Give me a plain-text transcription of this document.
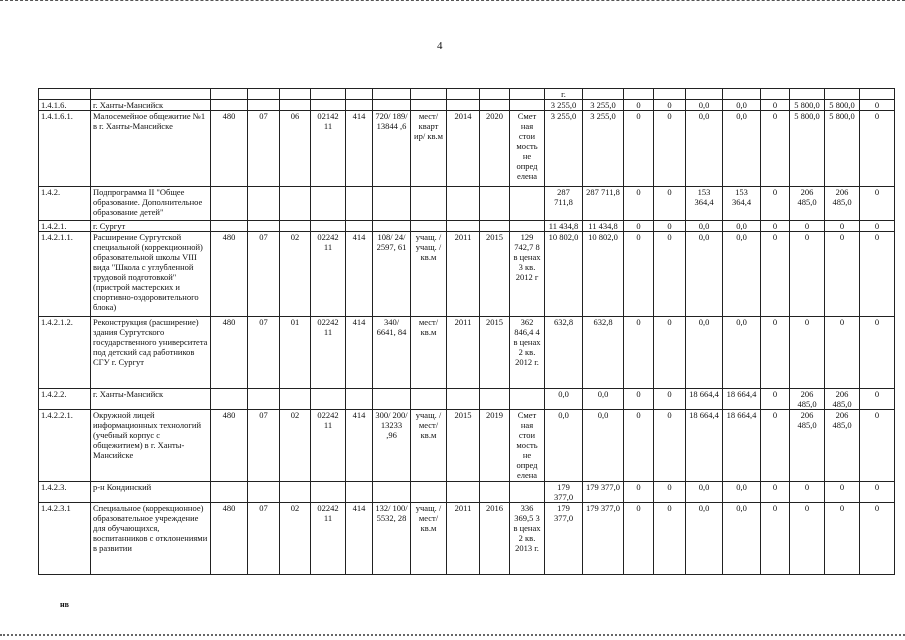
4
												г.									
1.4.1.6.	г. Ханты-Мансийск											3 255,0	3 255,0	0	0	0,0	0,0	0	5 800,0	5 800,0	0
1.4.1.6.1.	Малосемейное общежитие №1 в г. Ханты-Мансийске	480	07	06	02142 11	414	720/ 189/ 13844 ,6	мест/ кварт ир/ кв.м	2014	2020	Смет ная стои мость не опред елена	3 255,0	3 255,0	0	0	0,0	0,0	0	5 800,0	5 800,0	0
1.4.2.	Подпрограмма II "Общее образование. Дополнительное образование детей"											287 711,8	287 711,8	0	0	153 364,4	153 364,4	0	206 485,0	206 485,0	0
1.4.2.1.	г. Сургут											11 434,8	11 434,8	0	0	0,0	0,0	0	0	0	0
1.4.2.1.1.	Расширение Сургутской специальной (коррекционной) образовательной школы VIII вида "Школа с углубленной трудовой подготовкой" (пристрой мастерских и спортивно-оздоровительного блока)	480	07	02	02242 11	414	108/ 24/ 2597, 61	учащ. / учащ. / кв.м	2011	2015	129 742,7 8 в ценах 3 кв. 2012 г	10 802,0	10 802,0	0	0	0,0	0,0	0	0	0	0
1.4.2.1.2.	Реконструкция (расширение) здания Сургутского государственного университета под детский сад работников СГУ г. Сургут	480	07	01	02242 11	414	340/ 6641, 84	мест/ кв.м	2011	2015	362 846,4 4 в ценах 2 кв. 2012 г.	632,8	632,8	0	0	0,0	0,0	0	0	0	0
1.4.2.2.	г. Ханты-Мансийск											0,0	0,0	0	0	18 664,4	18 664,4	0	206 485,0	206 485,0	0
1.4.2.2.1.	Окружной лицей информационных технологий (учебный корпус с общежитием) в г. Ханты-Мансийске	480	07	02	02242 11	414	300/ 200/ 13233 ,96	учащ. / мест/ кв.м	2015	2019	Смет ная стои мость не опред елена	0,0	0,0	0	0	18 664,4	18 664,4	0	206 485,0	206 485,0	0
1.4.2.3.	р-н Кондинский											179 377,0	179 377,0	0	0	0,0	0,0	0	0	0	0
1.4.2.3.1	Специальное (коррекционное) образовательное учреждение для обучающихся, воспитанников с отклонениями в развитии	480	07	02	02242 11	414	132/ 100/ 5532, 28	учащ. / мест/ кв.м	2011	2016	336 369,5 3 в ценах 2 кв. 2013 г.	179 377,0	179 377,0	0	0	0,0	0,0	0	0	0	0
нв
